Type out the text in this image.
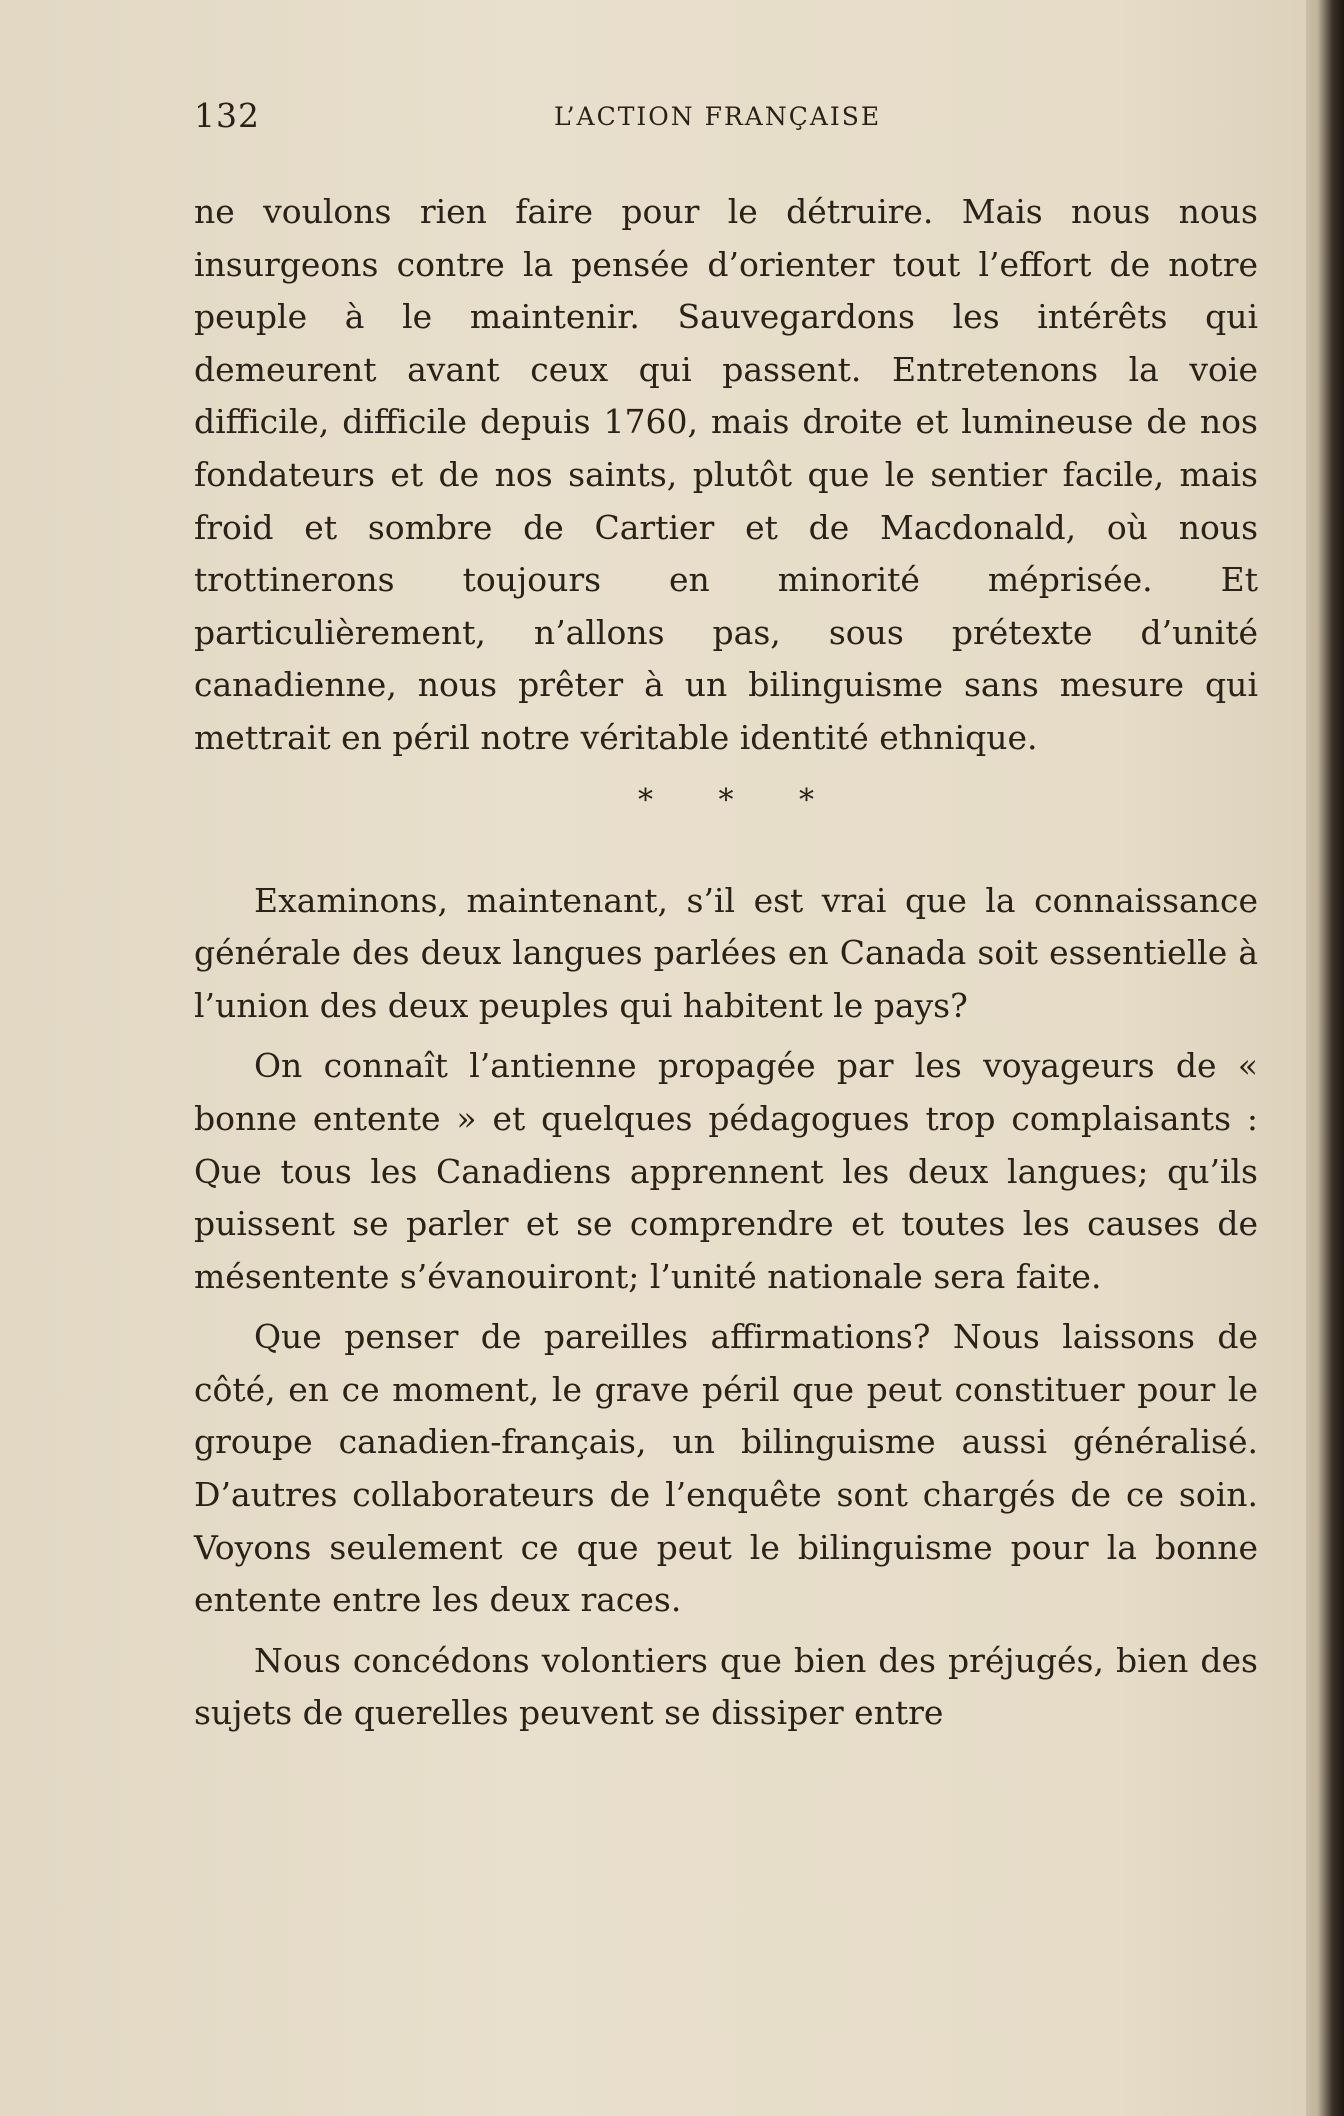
132	L’ACTION FRANÇAISE

ne voulons rien faire pour le détruire. Mais nous nous insurgeons contre la pensée d’orienter tout l’effort de notre peuple à le maintenir. Sauvegardons les intérêts qui demeurent avant ceux qui passent. Entretenons la voie difficile, difficile depuis 1760, mais droite et lumineuse de nos fondateurs et de nos saints, plutôt que le sentier facile, mais froid et sombre de Cartier et de Macdonald, où nous trottinerons toujours en minorité méprisée. Et particulièrement, n’allons pas, sous prétexte d’unité canadienne, nous prêter à un bilinguisme sans mesure qui mettrait en péril notre véritable identité ethnique.

* * *

Examinons, maintenant, s’il est vrai que la connaissance générale des deux langues parlées en Canada soit essentielle à l’union des deux peuples qui habitent le pays?

On connaît l’antienne propagée par les voyageurs de « bonne entente » et quelques pédagogues trop complaisants : Que tous les Canadiens apprennent les deux langues; qu’ils puissent se parler et se comprendre et toutes les causes de mésentente s’évanouiront; l’unité nationale sera faite.

Que penser de pareilles affirmations? Nous laissons de côté, en ce moment, le grave péril que peut constituer pour le groupe canadien-français, un bilinguisme aussi généralisé. D’autres collaborateurs de l’enquête sont chargés de ce soin. Voyons seulement ce que peut le bilinguisme pour la bonne entente entre les deux races.

Nous concédons volontiers que bien des préjugés, bien des sujets de querelles peuvent se dissiper entre
